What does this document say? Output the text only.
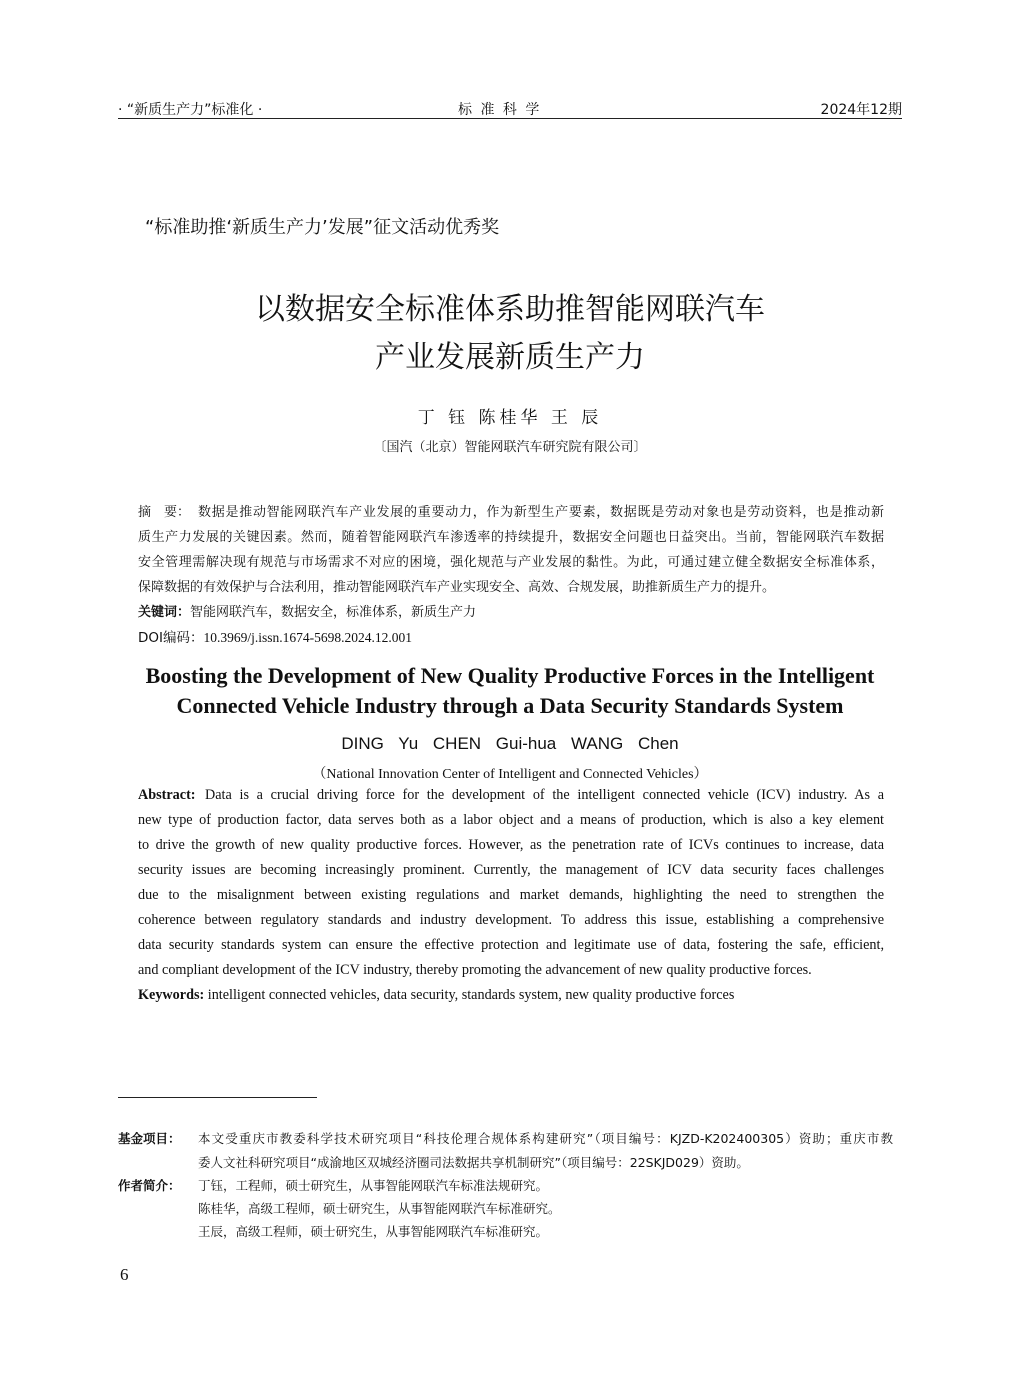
· “新质生产力”标准化 ·	标 准 科 学	2024年12期
“标准助推‘新质生产力’发展”征文活动优秀奖
以数据安全标准体系助推智能网联汽车
产业发展新质生产力
丁 钰 陈桂华 王 辰
〔国汽（北京）智能网联汽车研究院有限公司〕
摘　要： 数据是推动智能网联汽车产业发展的重要动力，作为新型生产要素，数据既是劳动对象也是劳动资料，也是推动新
质生产力发展的关键因素。然而，随着智能网联汽车渗透率的持续提升，数据安全问题也日益突出。当前，智能网联汽车数据
安全管理需解决现有规范与市场需求不对应的困境，强化规范与产业发展的黏性。为此，可通过建立健全数据安全标准体系，
保障数据的有效保护与合法利用，推动智能网联汽车产业实现安全、高效、合规发展，助推新质生产力的提升。
关键词：智能网联汽车，数据安全，标准体系，新质生产力
DOI编码：10.3969/j.issn.1674-5698.2024.12.001
Boosting the Development of New Quality Productive Forces in the Intelligent
Connected Vehicle Industry through a Data Security Standards System
DING Yu CHEN Gui-hua WANG Chen
（National Innovation Center of Intelligent and Connected Vehicles）
Abstract: Data is a crucial driving force for the development of the intelligent connected vehicle (ICV) industry. As a
new type of production factor, data serves both as a labor object and a means of production, which is also a key element
to drive the growth of new quality productive forces. However, as the penetration rate of ICVs continues to increase, data
security issues are becoming increasingly prominent. Currently, the management of ICV data security faces challenges
due to the misalignment between existing regulations and market demands, highlighting the need to strengthen the
coherence between regulatory standards and industry development. To address this issue, establishing a comprehensive
data security standards system can ensure the effective protection and legitimate use of data, fostering the safe, efficient,
and compliant development of the ICV industry, thereby promoting the advancement of new quality productive forces.
Keywords: intelligent connected vehicles, data security, standards system, new quality productive forces
基金项目： 本文受重庆市教委科学技术研究项目“科技伦理合规体系构建研究”（项目编号：KJZD-K202400305）资助；重庆市教
委人文社科研究项目“成渝地区双城经济圈司法数据共享机制研究”（项目编号：22SKJD029）资助。
作者简介： 丁钰，工程师，硕士研究生，从事智能网联汽车标准法规研究。
陈桂华，高级工程师，硕士研究生，从事智能网联汽车标准研究。
王辰，高级工程师，硕士研究生，从事智能网联汽车标准研究。
6
